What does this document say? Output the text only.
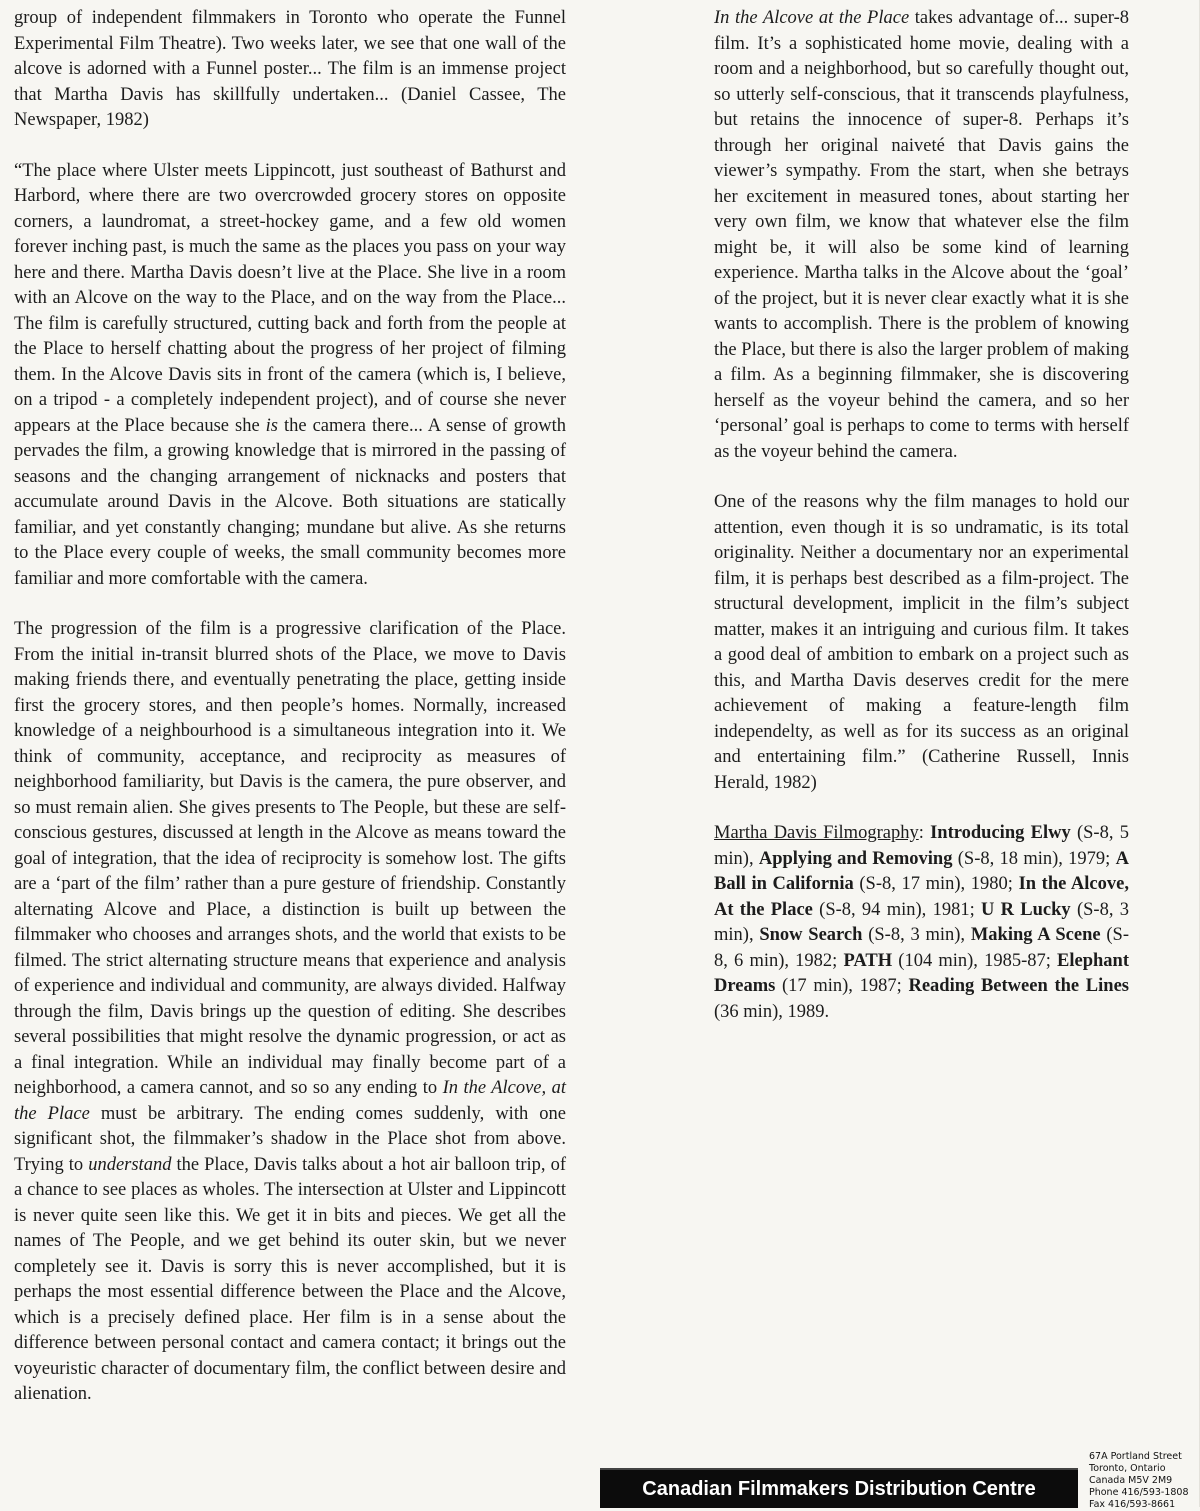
group of independent filmmakers in Toronto who operate the Funnel Experimental Film Theatre). Two weeks later, we see that one wall of the alcove is adorned with a Funnel poster... The film is an immense project that Martha Davis has skillfully undertaken... (Daniel Cassee, The Newspaper, 1982)

“The place where Ulster meets Lippincott, just southeast of Bathurst and Harbord, where there are two overcrowded grocery stores on opposite corners, a laundromat, a street-hockey game, and a few old women forever inching past, is much the same as the places you pass on your way here and there. Martha Davis doesn’t live at the Place. She live in a room with an Alcove on the way to the Place, and on the way from the Place... The film is carefully structured, cutting back and forth from the people at the Place to herself chatting about the progress of her project of filming them. In the Alcove Davis sits in front of the camera (which is, I believe, on a tripod - a completely independent project), and of course she never appears at the Place because she is the camera there... A sense of growth pervades the film, a growing knowledge that is mirrored in the passing of seasons and the changing arrangement of nicknacks and posters that accumulate around Davis in the Alcove. Both situations are statically familiar, and yet constantly changing; mundane but alive. As she returns to the Place every couple of weeks, the small community becomes more familiar and more comfortable with the camera.

The progression of the film is a progressive clarification of the Place. From the initial in-transit blurred shots of the Place, we move to Davis making friends there, and eventually penetrating the place, getting inside first the grocery stores, and then people’s homes. Normally, increased knowledge of a neighbourhood is a simultaneous integration into it. We think of community, acceptance, and reciprocity as measures of neighborhood familiarity, but Davis is the camera, the pure observer, and so must remain alien. She gives presents to The People, but these are self-conscious gestures, discussed at length in the Alcove as means toward the goal of integration, that the idea of reciprocity is somehow lost. The gifts are a ‘part of the film’ rather than a pure gesture of friendship. Constantly alternating Alcove and Place, a distinction is built up between the filmmaker who chooses and arranges shots, and the world that exists to be filmed. The strict alternating structure means that experience and analysis of experience and individual and community, are always divided. Halfway through the film, Davis brings up the question of editing. She describes several possibilities that might resolve the dynamic progression, or act as a final integration. While an individual may finally become part of a neighborhood, a camera cannot, and so so any ending to In the Alcove, at the Place must be arbitrary. The ending comes suddenly, with one significant shot, the filmmaker’s shadow in the Place shot from above. Trying to understand the Place, Davis talks about a hot air balloon trip, of a chance to see places as wholes. The intersection at Ulster and Lippincott is never quite seen like this. We get it in bits and pieces. We get all the names of The People, and we get behind its outer skin, but we never completely see it. Davis is sorry this is never accomplished, but it is perhaps the most essential difference between the Place and the Alcove, which is a precisely defined place. Her film is in a sense about the difference between personal contact and camera contact; it brings out the voyeuristic character of documentary film, the conflict between desire and alienation.

In the Alcove at the Place takes advantage of... super-8 film. It’s a sophisticated home movie, dealing with a room and a neighborhood, but so carefully thought out, so utterly self-conscious, that it transcends playfulness, but retains the innocence of super-8. Perhaps it’s through her original naiveté that Davis gains the viewer’s sympathy. From the start, when she betrays her excitement in measured tones, about starting her very own film, we know that whatever else the film might be, it will also be some kind of learning experience. Martha talks in the Alcove about the ‘goal’ of the project, but it is never clear exactly what it is she wants to accomplish. There is the problem of knowing the Place, but there is also the larger problem of making a film. As a beginning filmmaker, she is discovering herself as the voyeur behind the camera, and so her ‘personal’ goal is perhaps to come to terms with herself as the voyeur behind the camera.

One of the reasons why the film manages to hold our attention, even though it is so undramatic, is its total originality. Neither a documentary nor an experimental film, it is perhaps best described as a film-project. The structural development, implicit in the film’s subject matter, makes it an intriguing and curious film. It takes a good deal of ambition to embark on a project such as this, and Martha Davis deserves credit for the mere achievement of making a feature-length film independelty, as well as for its success as an original and entertaining film.” (Catherine Russell, Innis Herald, 1982)

Martha Davis Filmography: Introducing Elwy (S-8, 5 min), Applying and Removing (S-8, 18 min), 1979; A Ball in California (S-8, 17 min), 1980; In the Alcove, At the Place (S-8, 94 min), 1981; U R Lucky (S-8, 3 min), Snow Search (S-8, 3 min), Making A Scene (S-8, 6 min), 1982; PATH (104 min), 1985-87; Elephant Dreams (17 min), 1987; Reading Between the Lines (36 min), 1989.

Canadian Filmmakers Distribution Centre
67A Portland Street
Toronto, Ontario
Canada M5V 2M9
Phone 416/593-1808
Fax 416/593-8661
